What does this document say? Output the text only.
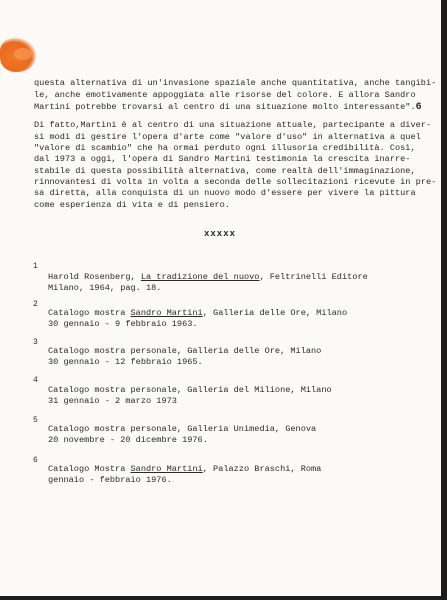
questa alternativa di un'invasione spaziale anche quantitativa, anche tangibi-
le, anche emotivamente appoggiata alle risorse del colore. E allora Sandro
Martini potrebbe trovarsi al centro di una situazione molto interessante".6
Di fatto,Martini è al centro di una situazione attuale, partecipante a diver-
si modi di gestire l'opera d'arte come "valore d'uso" in alternativa a quel
"valore di scambio" che ha ormai perduto ogni illusoria credibilità. Così,
dal 1973 a oggi, l'opera di Sandro Martini testimonia la crescita inarre-
stabile di questa possibilità alternativa, come realtà dell'immaginazione,
rinnovantesi di volta in volta a seconda delle sollecitazioni ricevute in pre-
sa diretta, alla conquista di un nuovo modo d'essere per vivere la pittura
come esperienza di vita e di pensiero.
xxxxx
1
Harold Rosenberg, La tradizione del nuovo, Feltrinelli Editore
Milano, 1964, pag. 18.
2
Catalogo mostra Sandro Martini, Galleria delle Ore, Milano
30 gennaio - 9 febbraio 1963.
3
Catalogo mostra personale, Galleria delle Ore, Milano
30 gennaio - 12 febbraio 1965.
4
Catalogo mostra personale, Galleria del Milione, Milano
31 gennaio - 2 marzo 1973
5
Catalogo mostra personale, Galleria Unimedia, Genova
20 novembre - 20 dicembre 1976.
6
Catalogo Mostra Sandro Martini, Palazzo Braschi, Roma
gennaio - febbraio 1976.
